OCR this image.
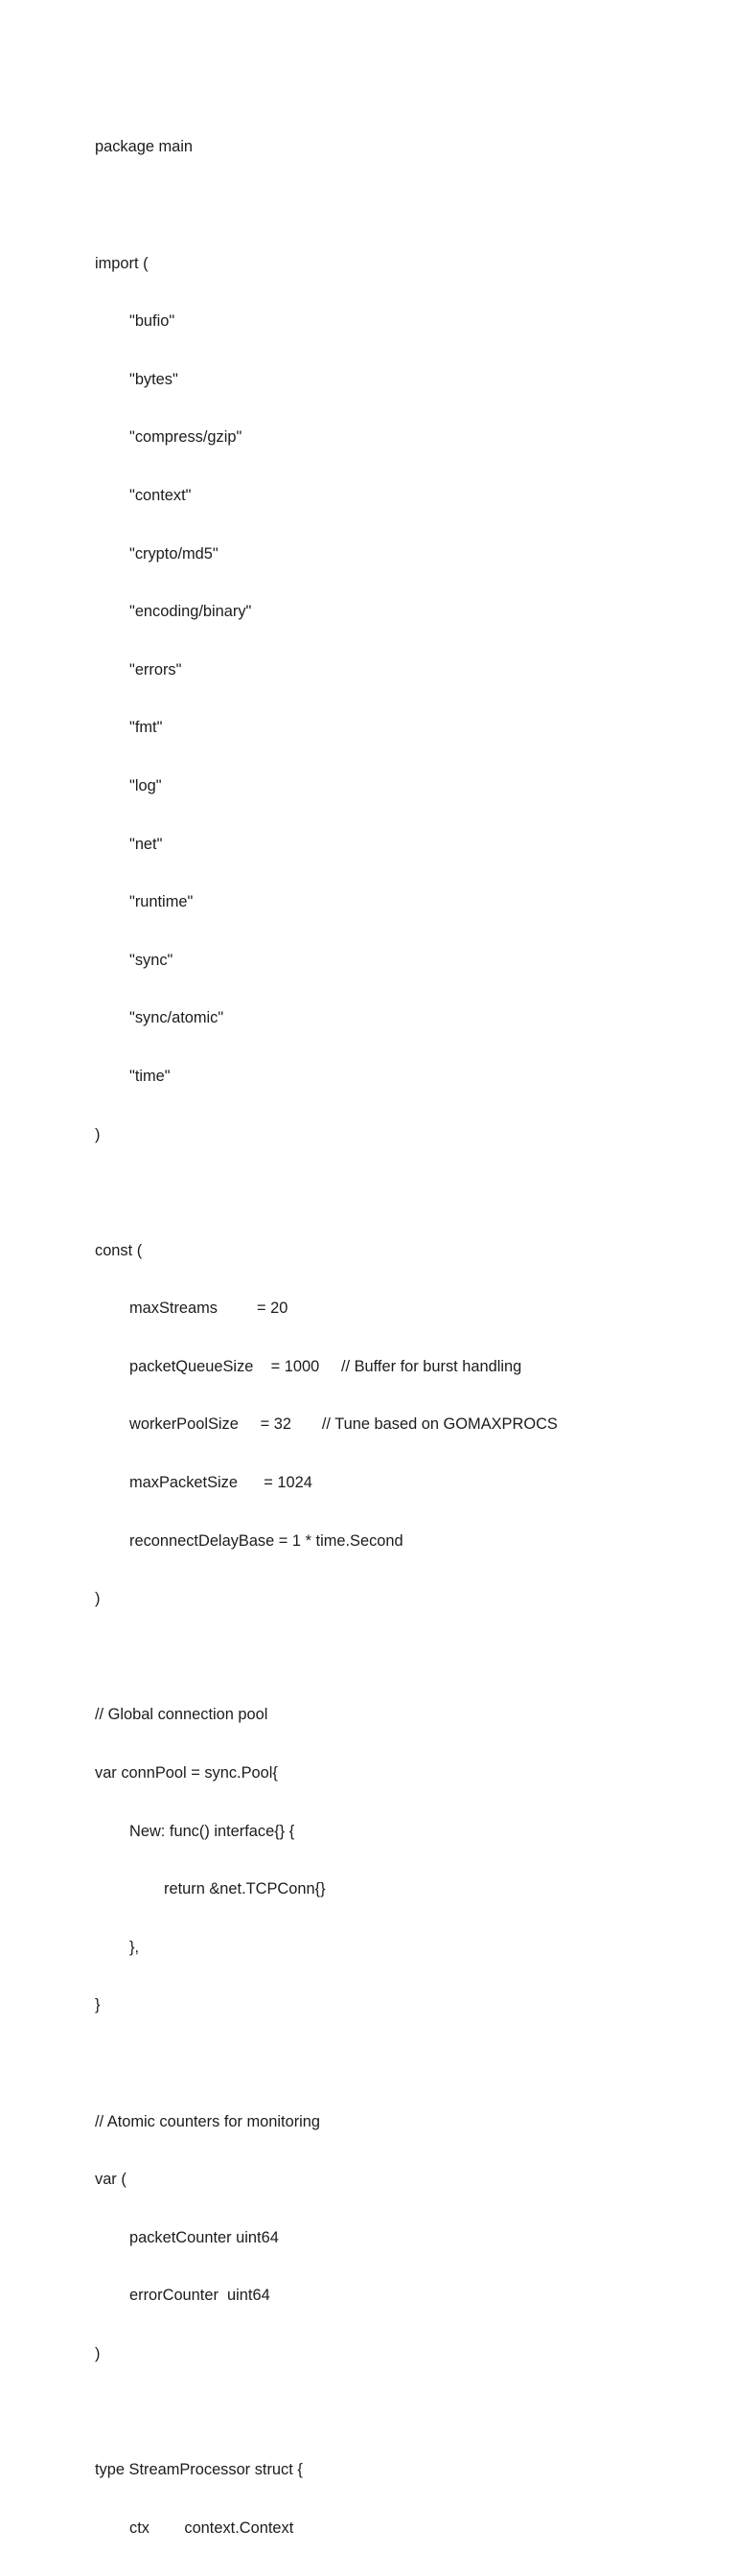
package main

import (

	"bufio"

	"bytes"

	"compress/gzip"

	"context"

	"crypto/md5"

	"encoding/binary"

	"errors"

	"fmt"

	"log"

	"net"

	"runtime"

	"sync"

	"sync/atomic"

	"time"

)

const (

	maxStreams         = 20

	packetQueueSize    = 1000     // Buffer for burst handling

	workerPoolSize     = 32       // Tune based on GOMAXPROCS

	maxPacketSize      = 1024

	reconnectDelayBase = 1 * time.Second

)

// Global connection pool

var connPool = sync.Pool{

	New: func() interface{} {

		return &net.TCPConn{}

	},

}

// Atomic counters for monitoring

var (

	packetCounter uint64

	errorCounter  uint64

)

type StreamProcessor struct {

	ctx        context.Context
